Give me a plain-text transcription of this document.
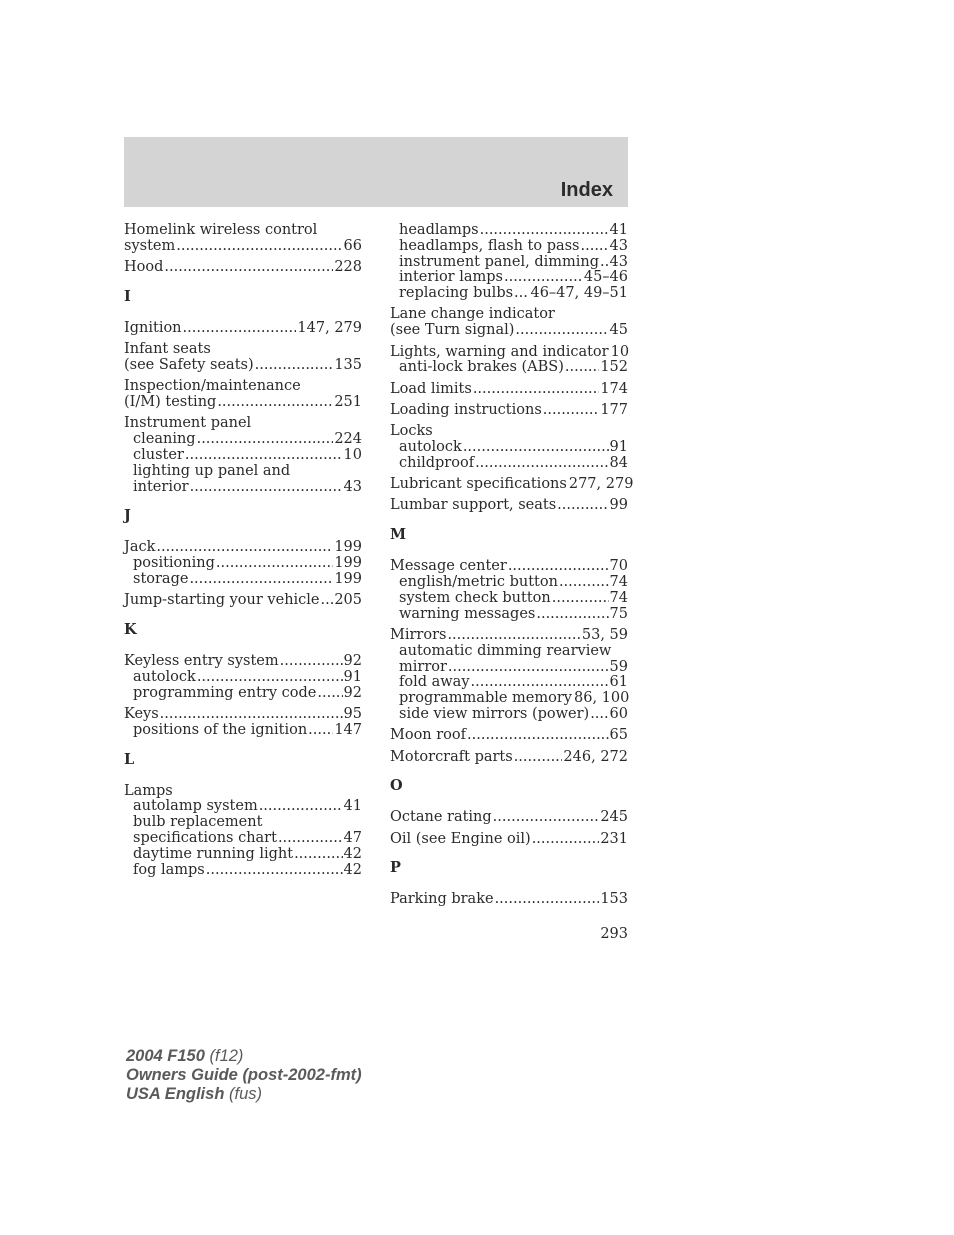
Index
Homelink wireless control
system .....	66
Hood .....	228
I
Ignition .....	147, 279
Infant seats
(see Safety seats) .....	135
Inspection/maintenance
(I/M) testing .....	251
Instrument panel
cleaning .....	224
cluster .....	10
lighting up panel and
interior .....	43
J
Jack .....	199
positioning .....	199
storage .....	199
Jump-starting your vehicle ..... 205
K
Keyless entry system .....	92
autolock .....	91
programming entry code ..... 92
Keys .....	95
positions of the ignition ..... 147
L
Lamps
autolamp system .....	41
bulb replacement
specifications chart .....	47
daytime running light .....	42
fog lamps .....	42
headlamps .....	41
headlamps, flash to pass ..... 43
instrument panel, dimming ..... 43
interior lamps .....	45–46
replacing bulbs ..... 46–47, 49–51
Lane change indicator
(see Turn signal) .....	45
Lights, warning and indicator 10
anti-lock brakes (ABS) .....	152
Load limits .....	174
Loading instructions .....	177
Locks
autolock .....	91
childproof .....	84
Lubricant specifications 277, 279
Lumbar support, seats .....	99
M
Message center .....	70
english/metric button .....	74
system check button .....	74
warning messages .....	75
Mirrors .....	53, 59
automatic dimming rearview
mirror .....	59
fold away .....	61
programmable memory 86, 100
side view mirrors (power) ..... 60
Moon roof .....	65
Motorcraft parts .....	246, 272
O
Octane rating .....	245
Oil (see Engine oil) .....	231
P
Parking brake .....	153
293
2004 F150 (f12)
Owners Guide (post-2002-fmt)
USA English (fus)
